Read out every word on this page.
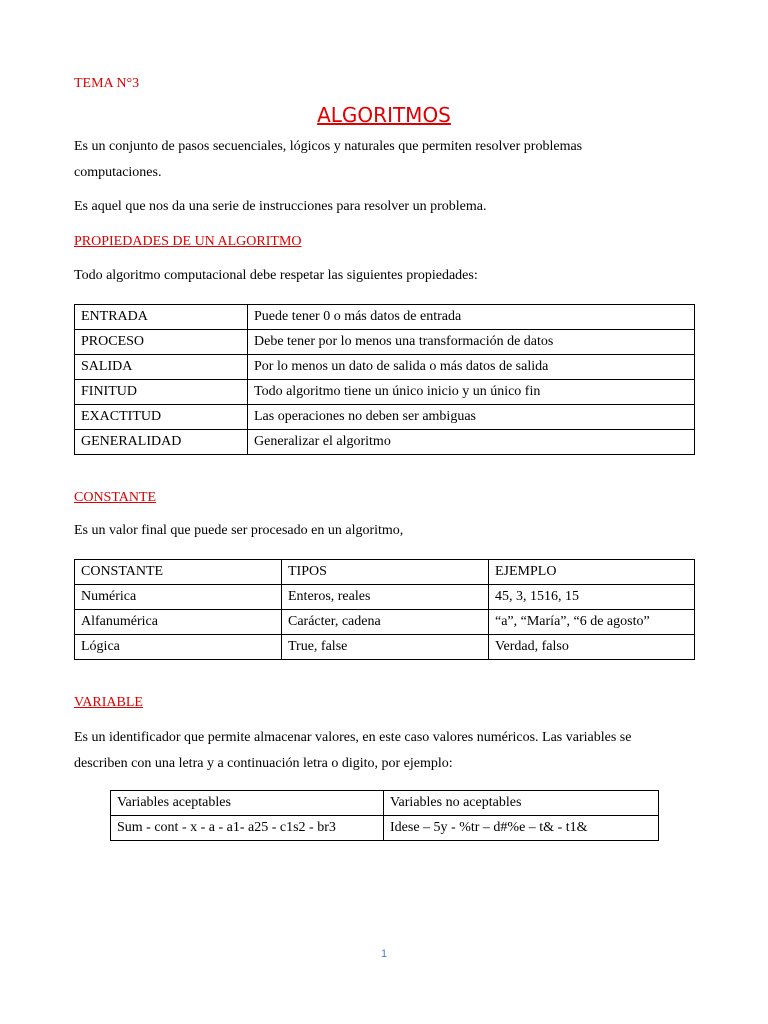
TEMA N°3
ALGORITMOS
Es un conjunto de pasos secuenciales, lógicos y naturales que permiten resolver problemas
computaciones.
Es aquel que nos da una serie de instrucciones para resolver un problema.
PROPIEDADES DE UN ALGORITMO
Todo algoritmo computacional debe respetar las siguientes propiedades:
ENTRADA	Puede tener 0 o más datos de entrada
PROCESO	Debe tener por lo menos una transformación de datos
SALIDA	Por lo menos un dato de salida o más datos de salida
FINITUD	Todo algoritmo tiene un único inicio y un único fin
EXACTITUD	Las operaciones no deben ser ambiguas
GENERALIDAD	Generalizar el algoritmo
CONSTANTE
Es un valor final que puede ser procesado en un algoritmo,
CONSTANTE	TIPOS	EJEMPLO
Numérica	Enteros, reales	45, 3, 1516, 15
Alfanumérica	Carácter, cadena	“a”, “María”, “6 de agosto”
Lógica	True, false	Verdad, falso
VARIABLE
Es un identificador que permite almacenar valores, en este caso valores numéricos. Las variables se
describen con una letra y a continuación letra o digito, por ejemplo:
Variables aceptables	Variables no aceptables
Sum - cont - x - a - a1- a25 - c1s2 - br3	Idese – 5y - %tr – d#%e – t& - t1&
1
